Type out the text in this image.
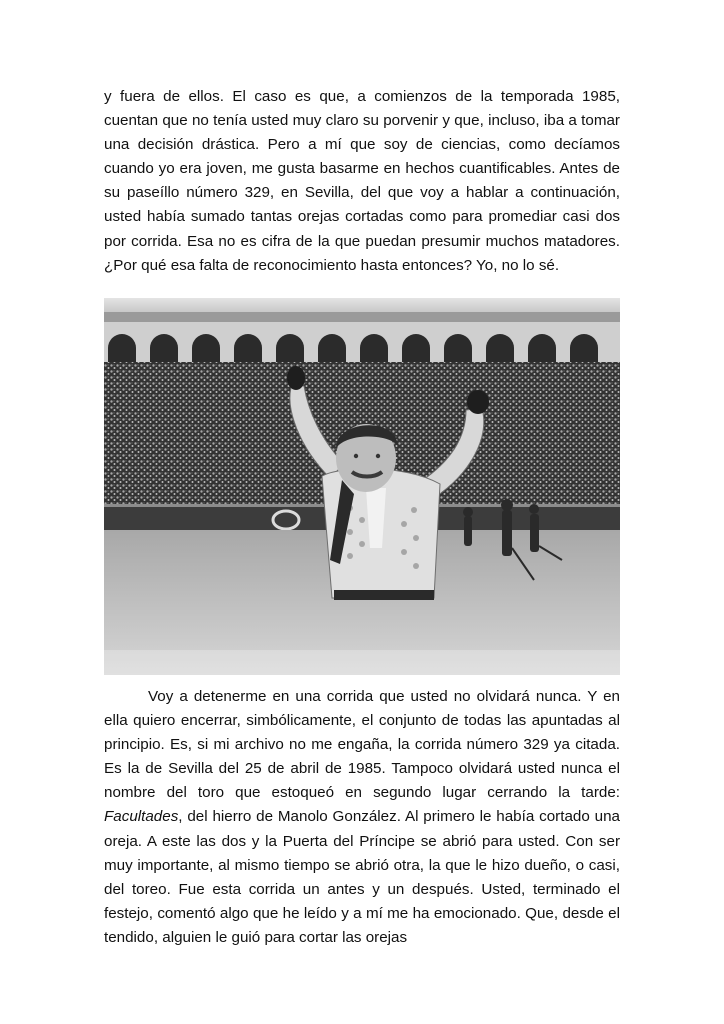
y fuera de ellos. El caso es que, a comienzos de la temporada 1985, cuentan que no tenía usted muy claro su porvenir y que, incluso, iba a tomar una decisión drástica. Pero a mí que soy de ciencias, como decíamos cuando yo era joven, me gusta basarme en hechos cuantificables. Antes de su paseíllo número 329, en Sevilla, del que voy a hablar a continuación, usted había sumado tantas orejas cortadas como para promediar casi dos por corrida. Esa no es cifra de la que puedan presumir muchos matadores. ¿Por qué esa falta de reconocimiento hasta entonces? Yo, no lo sé.

Voy a detenerme en una corrida que usted no olvidará nunca. Y en ella quiero encerrar, simbólicamente, el conjunto de todas las apuntadas al principio. Es, si mi archivo no me engaña, la corrida número 329 ya citada. Es la de Sevilla del 25 de abril de 1985. Tampoco olvidará usted nunca el nombre del toro que estoqueó en segundo lugar cerrando la tarde: Facultades, del hierro de Manolo González. Al primero le había cortado una oreja. A este las dos y la Puerta del Príncipe se abrió para usted. Con ser muy importante, al mismo tiempo se abrió otra, la que le hizo dueño, o casi, del toreo. Fue esta corrida un antes y un después. Usted, terminado el festejo, comentó algo que he leído y a mí me ha emocionado. Que, desde el tendido, alguien le guió para cortar las orejas
